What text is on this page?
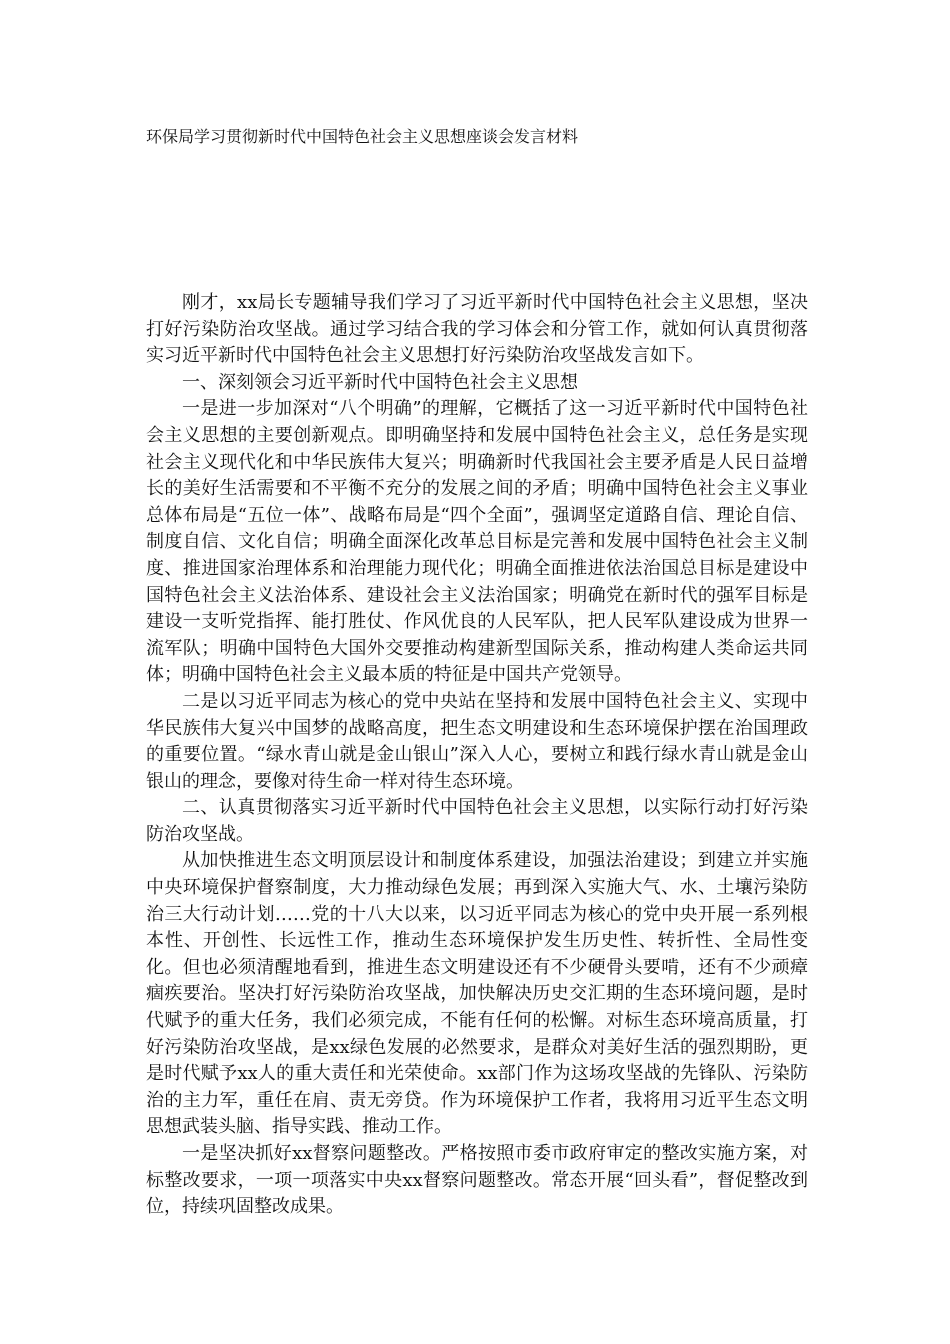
环保局学习贯彻新时代中国特色社会主义思想座谈会发言材料

刚才，xx局长专题辅导我们学习了习近平新时代中国特色社会主义思想，坚决打好污染防治攻坚战。通过学习结合我的学习体会和分管工作，就如何认真贯彻落实习近平新时代中国特色社会主义思想打好污染防治攻坚战发言如下。

一、深刻领会习近平新时代中国特色社会主义思想

一是进一步加深对“八个明确”的理解，它概括了这一习近平新时代中国特色社会主义思想的主要创新观点。即明确坚持和发展中国特色社会主义，总任务是实现社会主义现代化和中华民族伟大复兴；明确新时代我国社会主要矛盾是人民日益增长的美好生活需要和不平衡不充分的发展之间的矛盾；明确中国特色社会主义事业总体布局是“五位一体”、战略布局是“四个全面”，强调坚定道路自信、理论自信、制度自信、文化自信；明确全面深化改革总目标是完善和发展中国特色社会主义制度、推进国家治理体系和治理能力现代化；明确全面推进依法治国总目标是建设中国特色社会主义法治体系、建设社会主义法治国家；明确党在新时代的强军目标是建设一支听党指挥、能打胜仗、作风优良的人民军队，把人民军队建设成为世界一流军队；明确中国特色大国外交要推动构建新型国际关系，推动构建人类命运共同体；明确中国特色社会主义最本质的特征是中国共产党领导。

二是以习近平同志为核心的党中央站在坚持和发展中国特色社会主义、实现中华民族伟大复兴中国梦的战略高度，把生态文明建设和生态环境保护摆在治国理政的重要位置。“绿水青山就是金山银山”深入人心，要树立和践行绿水青山就是金山银山的理念，要像对待生命一样对待生态环境。

二、认真贯彻落实习近平新时代中国特色社会主义思想，以实际行动打好污染防治攻坚战。

从加快推进生态文明顶层设计和制度体系建设，加强法治建设；到建立并实施中央环境保护督察制度，大力推动绿色发展；再到深入实施大气、水、土壤污染防治三大行动计划……党的十八大以来，以习近平同志为核心的党中央开展一系列根本性、开创性、长远性工作，推动生态环境保护发生历史性、转折性、全局性变化。但也必须清醒地看到，推进生态文明建设还有不少硬骨头要啃，还有不少顽瘴痼疾要治。坚决打好污染防治攻坚战，加快解决历史交汇期的生态环境问题，是时代赋予的重大任务，我们必须完成，不能有任何的松懈。对标生态环境高质量，打好污染防治攻坚战，是xx绿色发展的必然要求，是群众对美好生活的强烈期盼，更是时代赋予xx人的重大责任和光荣使命。xx部门作为这场攻坚战的先锋队、污染防治的主力军，重任在肩、责无旁贷。作为环境保护工作者，我将用习近平生态文明思想武装头脑、指导实践、推动工作。

一是坚决抓好xx督察问题整改。严格按照市委市政府审定的整改实施方案，对标整改要求，一项一项落实中央xx督察问题整改。常态开展“回头看”，督促整改到位，持续巩固整改成果。
